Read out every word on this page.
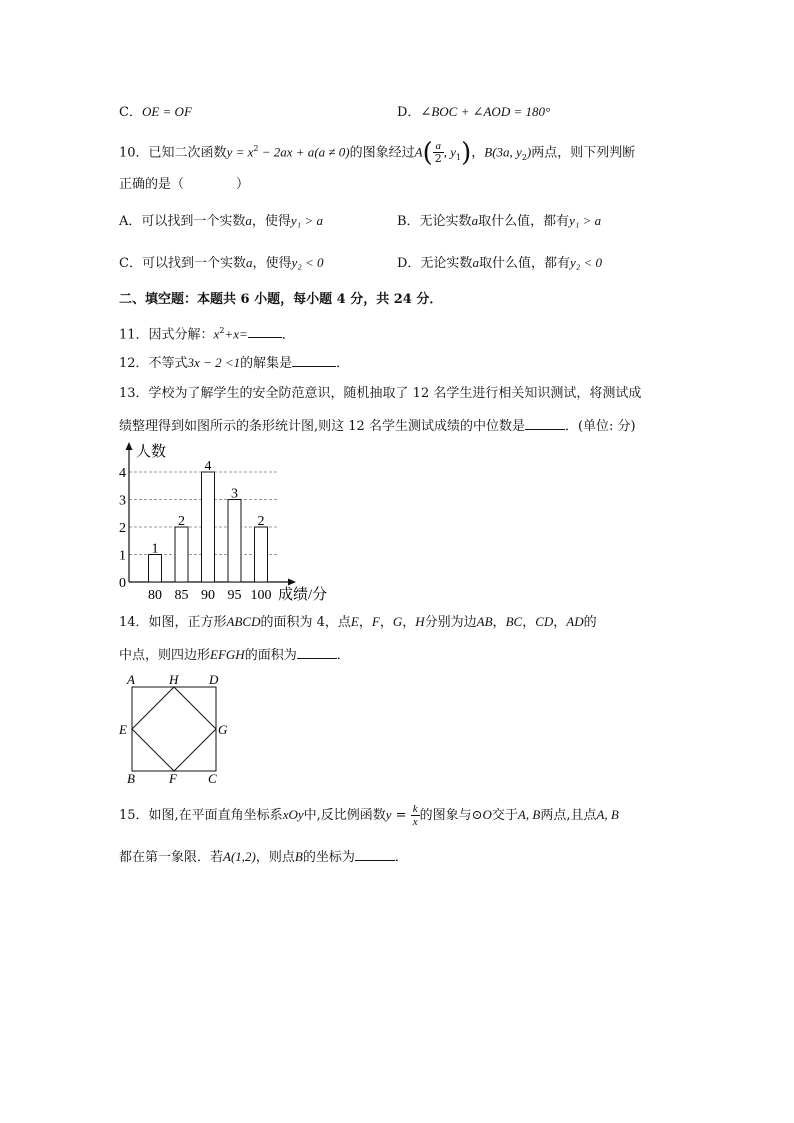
C．OE = OF	D．∠BOC + ∠AOD = 180°
10．已知二次函数$y = x^2 - 2ax + a(a \ne 0)$的图象经过$A( \frac{a}{2}$ , $y_1$)，B(3a, $y_2$)两点，则下列判断
正确的是（　　　　）
A．可以找到一个实数a，使得y₁ > a	B．无论实数a取什么值，都有y₁ > a
C．可以找到一个实数a，使得y₂ < 0	D．无论实数a取什么值，都有y₂ < 0
二、填空题：本题共 6 小题，每小题 4 分，共 24 分．
11．因式分解：$x^2+x=$	．
12．不等式3x − 2 <1的解集是	．
13．学校为了解学生的安全防范意识，随机抽取了 12 名学生进行相关知识测试，将测试成
绩整理得到如图所示的条形统计图,则这 12 名学生测试成绩的中位数是	．(单位: 分)
人数
成绩/分
0
1
2
3
4
1
80
2
85
4
90
3
95
2
100
14．如图，正方形ABCD的面积为 4，点E，F，G，H分别为边AB，BC，CD，AD的
中点，则四边形EFGH的面积为	．
A	H D
E	G
B	F C
15．如图,在平面直角坐标系xOy中,反比例函数$y = \frac{k}{x}$ 的图象与⊙O交于A, B两点,且点A, B
都在第一象限．若A(1,2)，则点B的坐标为	．
